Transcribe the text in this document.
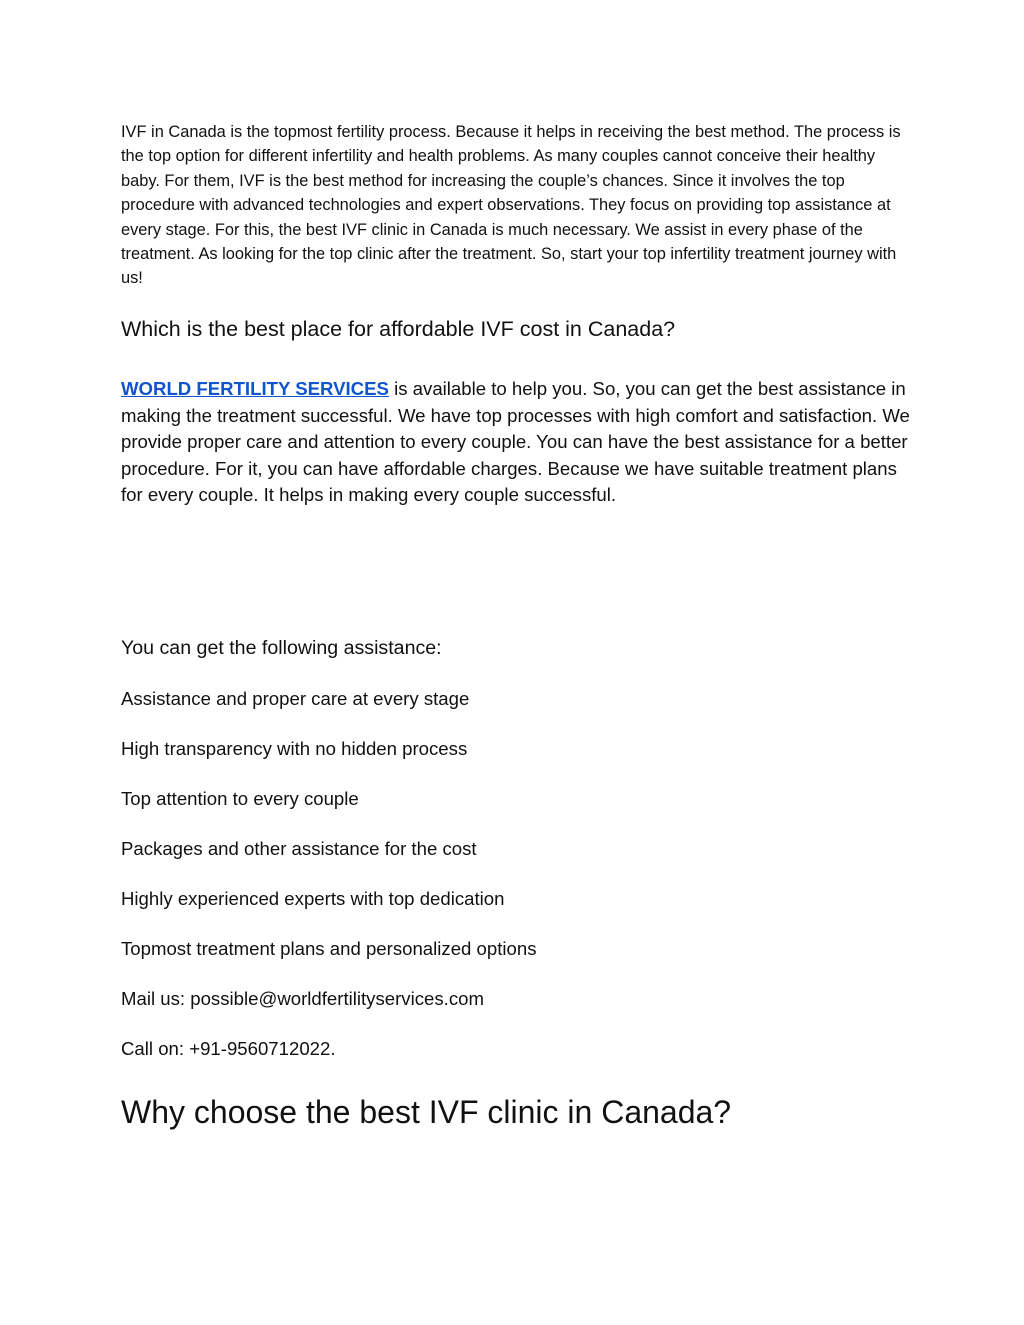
IVF in Canada is the topmost fertility process. Because it helps in receiving the best method. The process is the top option for different infertility and health problems. As many couples cannot conceive their healthy baby. For them, IVF is the best method for increasing the couple’s chances. Since it involves the top procedure with advanced technologies and expert observations. They focus on providing top assistance at every stage. For this, the best IVF clinic in Canada is much necessary. We assist in every phase of the treatment. As looking for the top clinic after the treatment. So, start your top infertility treatment journey with us!

Which is the best place for affordable IVF cost in Canada?

WORLD FERTILITY SERVICES is available to help you. So, you can get the best assistance in making the treatment successful. We have top processes with high comfort and satisfaction. We provide proper care and attention to every couple. You can have the best assistance for a better procedure. For it, you can have affordable charges. Because we have suitable treatment plans for every couple. It helps in making every couple successful.

You can get the following assistance:

Assistance and proper care at every stage

High transparency with no hidden process

Top attention to every couple

Packages and other assistance for the cost

Highly experienced experts with top dedication

Topmost treatment plans and personalized options

Mail us: possible@worldfertilityservices.com

Call on: +91-9560712022.

Why choose the best IVF clinic in Canada?
